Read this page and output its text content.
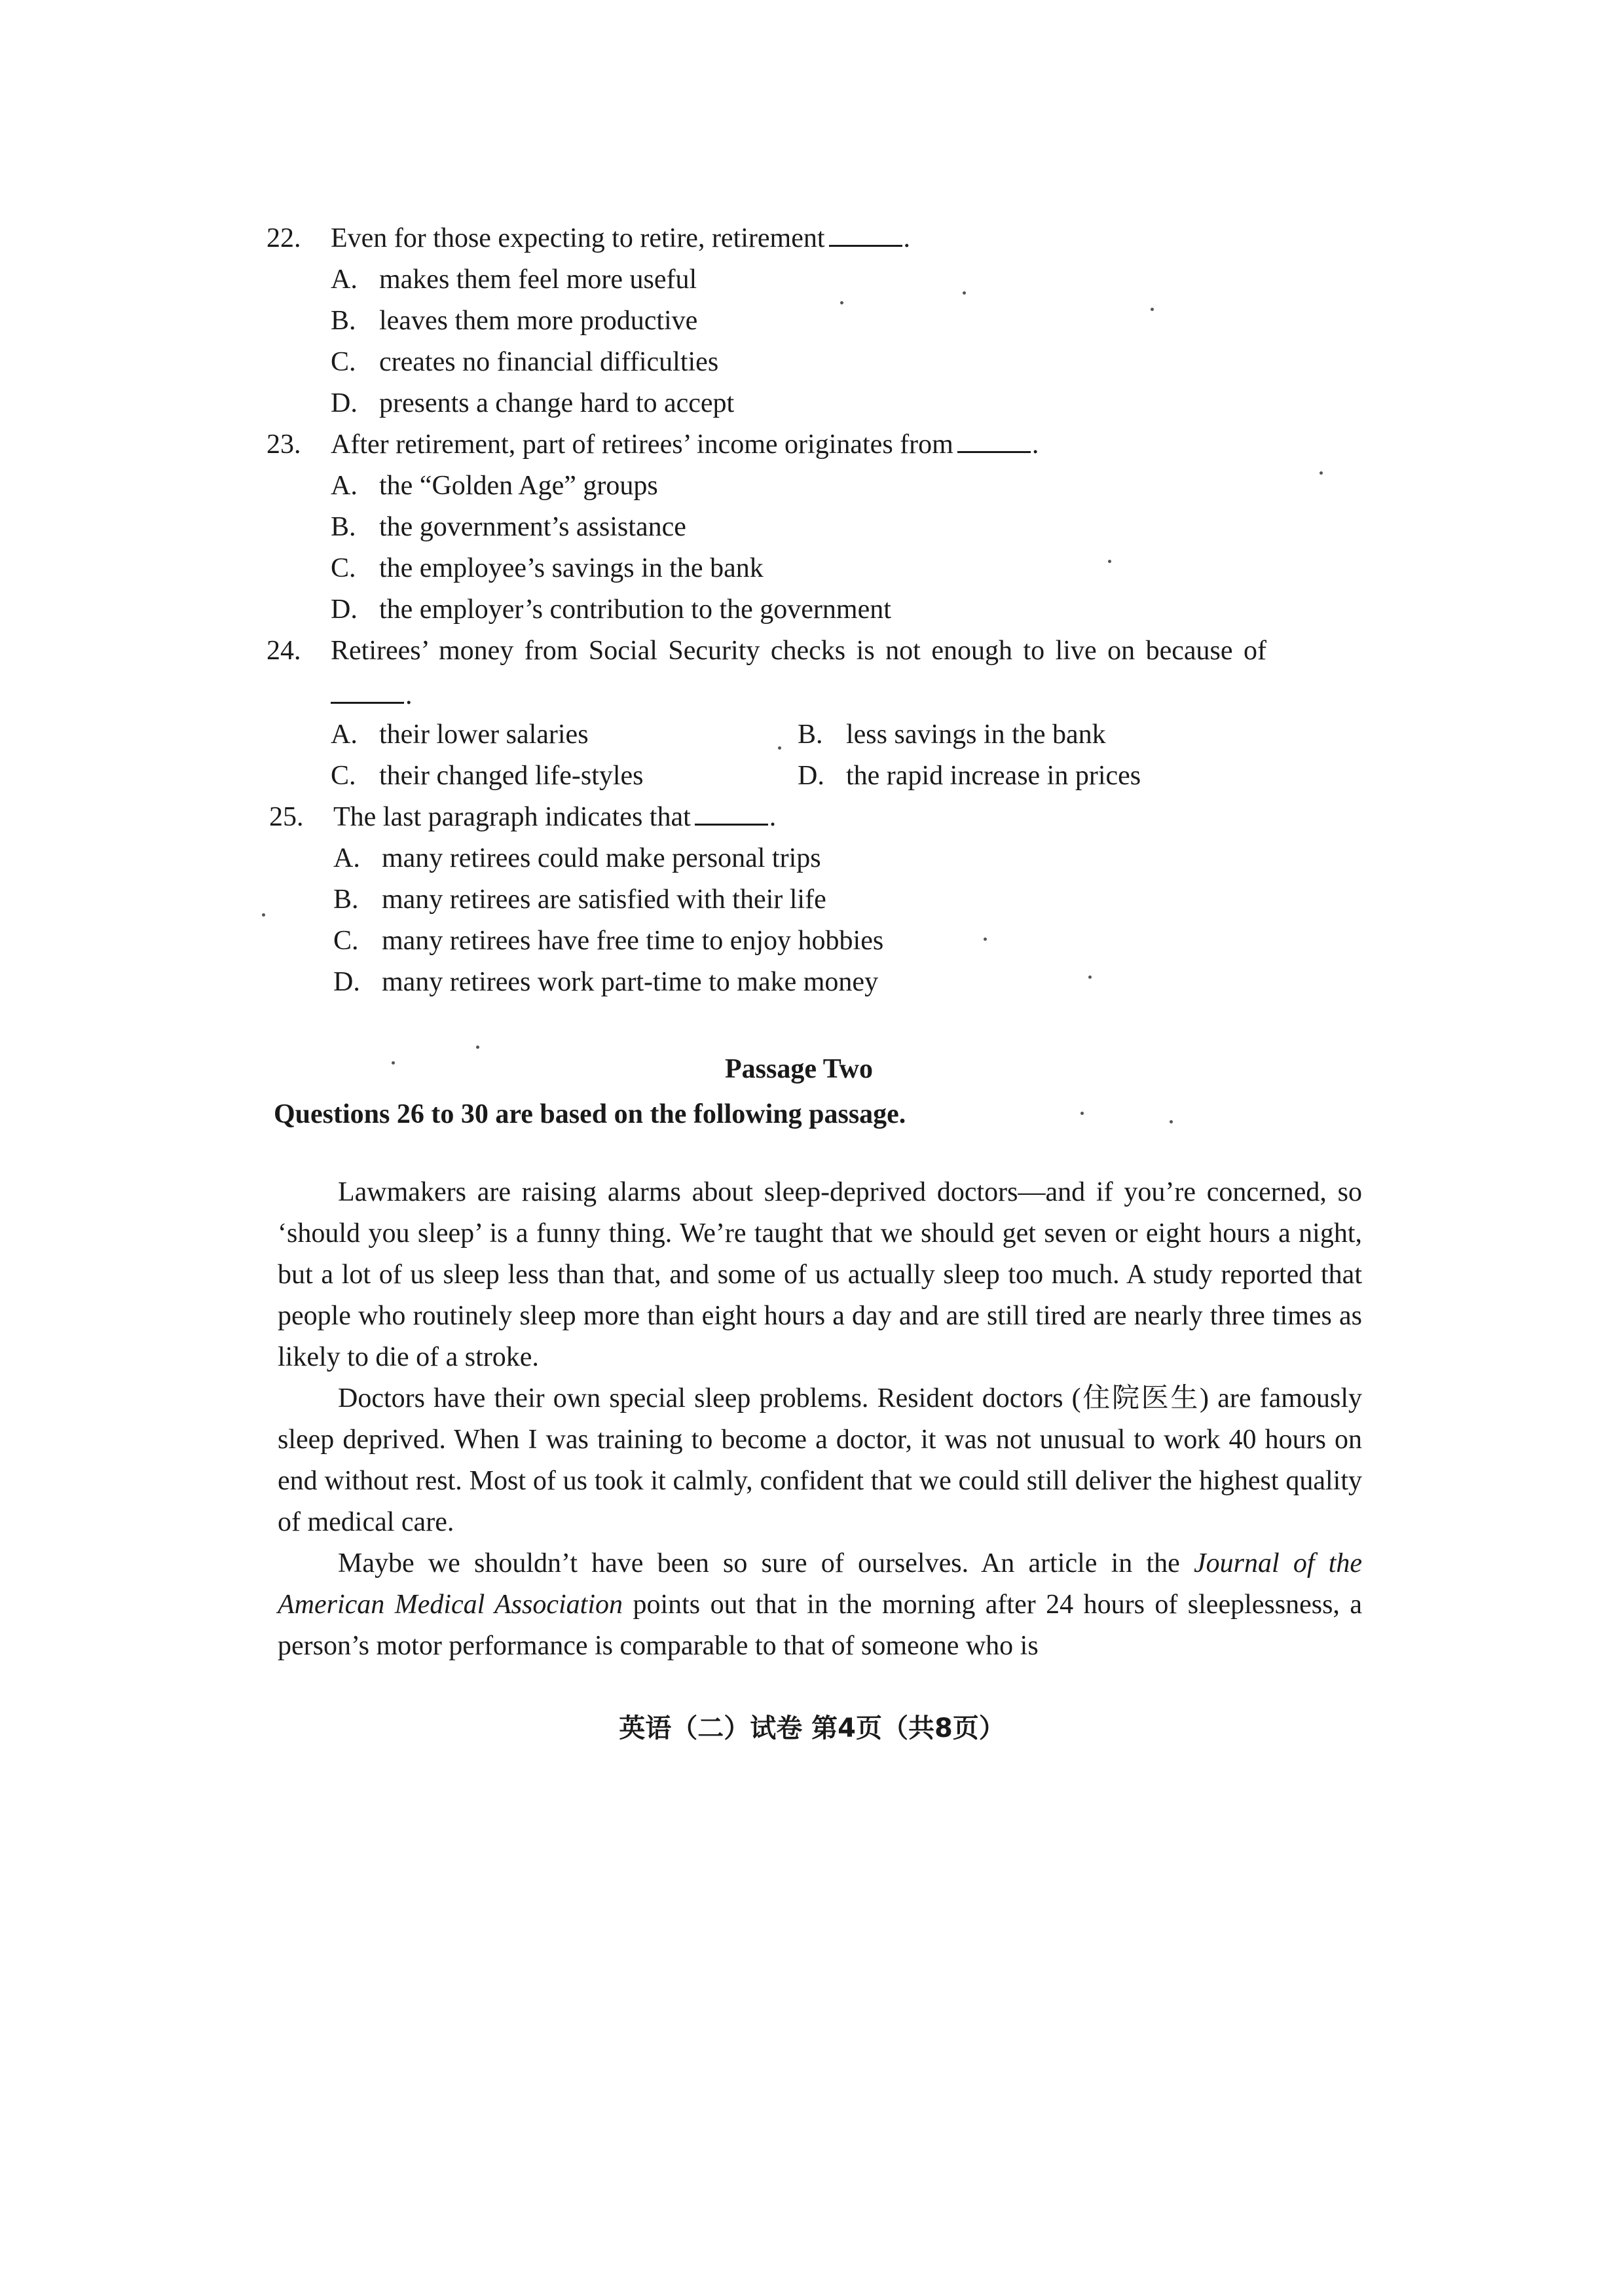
22. Even for those expecting to retire, retirement	.
A. makes them feel more useful
B. leaves them more productive
C. creates no financial difficulties
D. presents a change hard to accept
23. After retirement, part of retirees’ income originates from	.
A. the “Golden Age” groups
B. the government’s assistance
C. the employee’s savings in the bank
D. the employer’s contribution to the government
24. Retirees’ money from Social Security checks is not enough to live on because of
.
A. their lower salaries	B. less savings in the bank
C. their changed life-styles	D. the rapid increase in prices
25. The last paragraph indicates that	.
A. many retirees could make personal trips
B. many retirees are satisfied with their life
C. many retirees have free time to enjoy hobbies
D. many retirees work part-time to make money
Passage Two
Questions 26 to 30 are based on the following passage.
Lawmakers are raising alarms about sleep-deprived doctors—and if you’re concerned, so ‘should you sleep’ is a funny thing. We’re taught that we should get seven or eight hours a night, but a lot of us sleep less than that, and some of us actually sleep too much. A study reported that people who routinely sleep more than eight hours a day and are still tired are nearly three times as likely to die of a stroke.
Doctors have their own special sleep problems. Resident doctors (住院医生) are famously sleep deprived. When I was training to become a doctor, it was not unusual to work 40 hours on end without rest. Most of us took it calmly, confident that we could still deliver the highest quality of medical care.
Maybe we shouldn’t have been so sure of ourselves. An article in the Journal of the American Medical Association points out that in the morning after 24 hours of sleeplessness, a person’s motor performance is comparable to that of someone who is
英语（二）试卷 第4页（共8页）
